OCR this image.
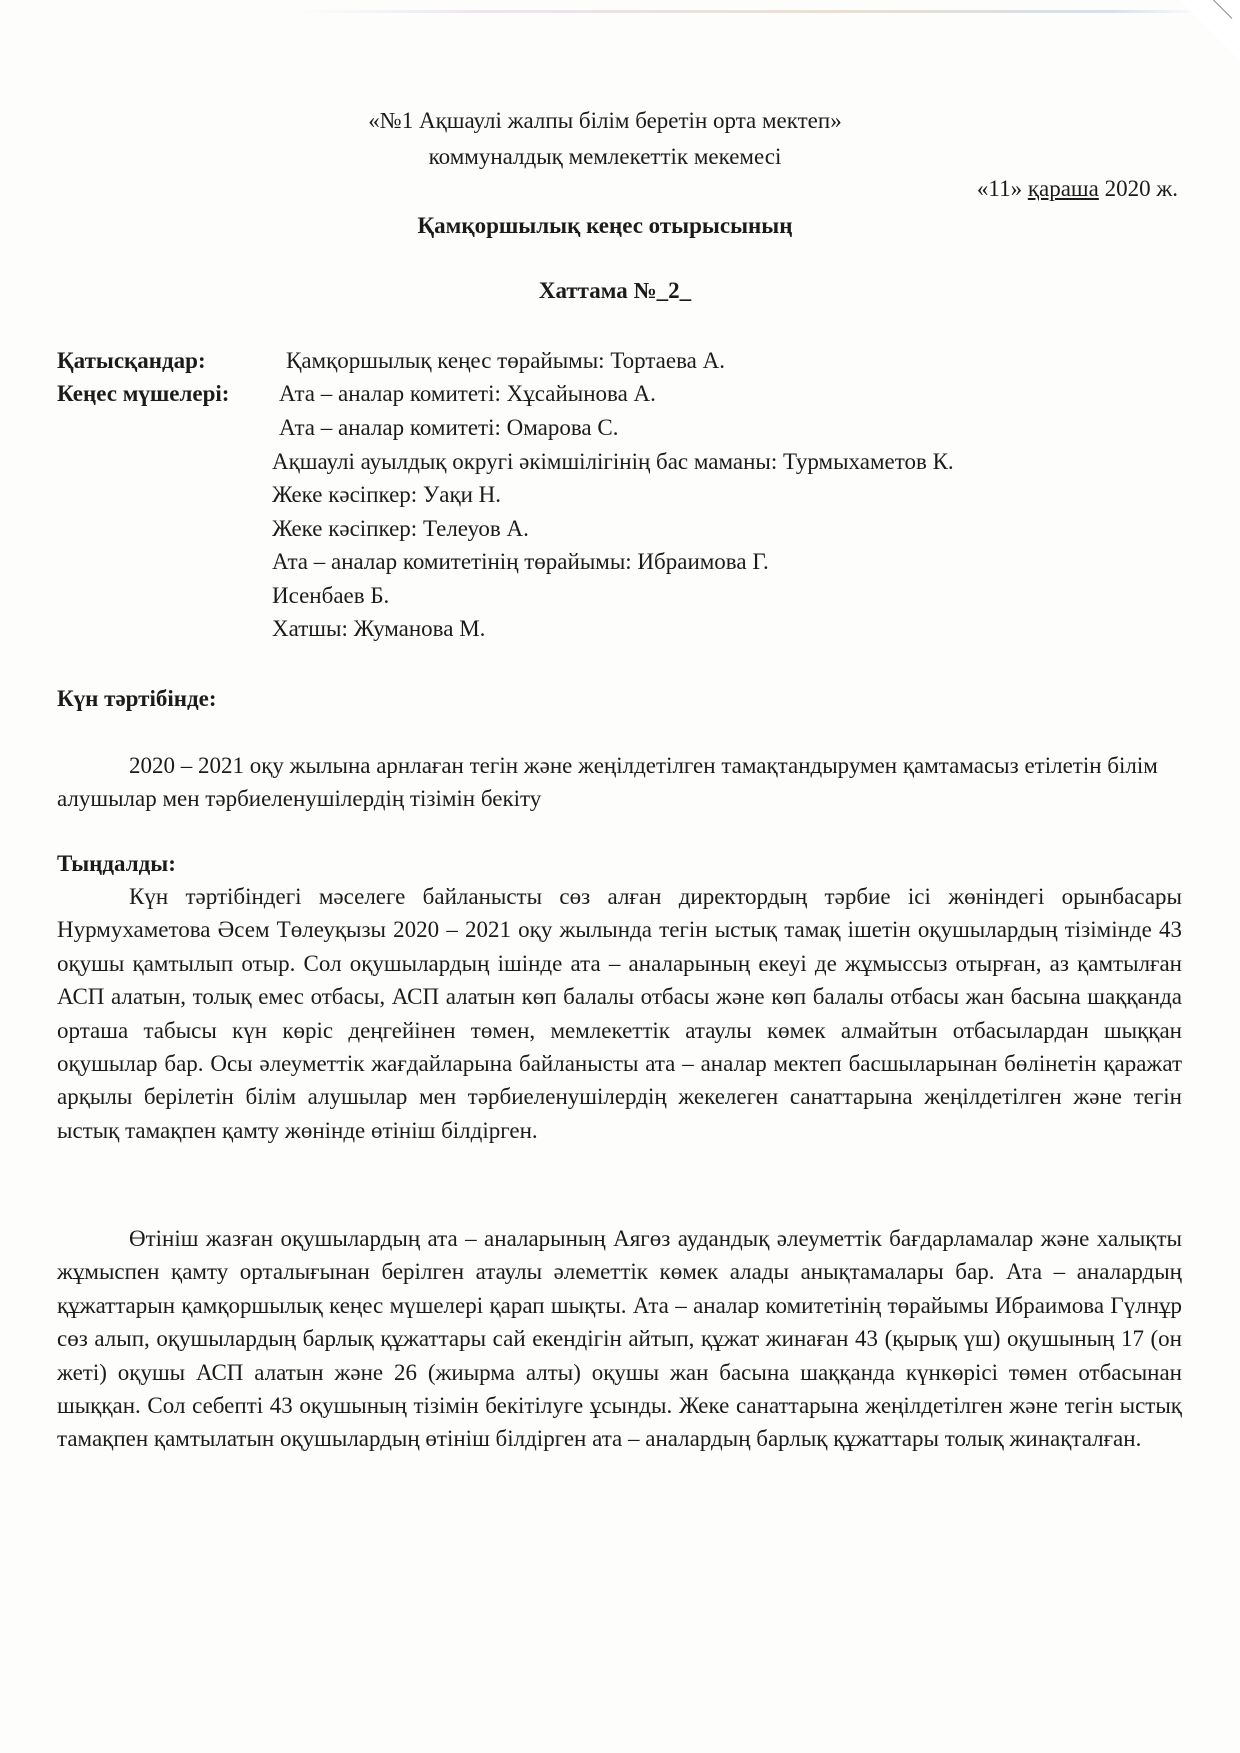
«№1 Ақшаулі жалпы білім беретін орта мектеп»
коммуналдық мемлекеттік мекемесі
«11» қараша 2020 ж.
Қамқоршылық кеңес отырысының
Хаттама №_2_
Қатысқандар:	Қамқоршылық кеңес төрайымы: Тортаева А.
Кеңес мүшелері: Ата – аналар комитеті: Хұсайынова А.
Ата – аналар комитеті: Омарова С.
Ақшаулі ауылдық округі әкімшілігінің бас маманы: Турмыхаметов К.
Жеке кәсіпкер: Уақи Н.
Жеке кәсіпкер: Телеуов А.
Ата – аналар комитетінің төрайымы: Ибраимова Г.
Исенбаев Б.
Хатшы: Жуманова М.
Күн тәртібінде:

2020 – 2021 оқу жылына арнлаған тегін және жеңілдетілген тамақтандырумен қамтамасыз етілетін білім алушылар мен тәрбиеленушілердің тізімін бекіту

Тыңдалды:

Күн тәртібіндегі мәселеге байланысты сөз алған директордың тәрбие ісі жөніндегі орынбасары Нурмухаметова Әсем Төлеуқызы 2020 – 2021 оқу жылында тегін ыстық тамақ ішетін оқушылардың тізімінде 43 оқушы қамтылып отыр. Сол оқушылардың ішінде ата – аналарының екеуі де жұмыссыз отырған, аз қамтылған АСП алатын, толық емес отбасы, АСП алатын көп балалы отбасы және көп балалы отбасы жан басына шаққанда орташа табысы күн көріс деңгейінен төмен, мемлекеттік атаулы көмек алмайтын отбасылардан шыққан оқушылар бар. Осы әлеуметтік жағдайларына байланысты ата – аналар мектеп басшыларынан бөлінетін қаражат арқылы берілетін білім алушылар мен тәрбиеленушілердің жекелеген санаттарына жеңілдетілген және тегін ыстық тамақпен қамту жөнінде өтініш білдірген.

Өтініш жазған оқушылардың ата – аналарының Аягөз аудандық әлеуметтік бағдарламалар және халықты жұмыспен қамту орталығынан берілген атаулы әлеметтік көмек алады анықтамалары бар. Ата – аналардың құжаттарын қамқоршылық кеңес мүшелері қарап шықты. Ата – аналар комитетінің төрайымы Ибраимова Гүлнұр сөз алып, оқушылардың барлық құжаттары сай екендігін айтып, құжат жинаған 43 (қырық үш) оқушының 17 (он жеті) оқушы АСП алатын және 26 (жиырма алты) оқушы жан басына шаққанда күнкөрісі төмен отбасынан шыққан. Сол себепті 43 оқушының тізімін бекітілуге ұсынды. Жеке санаттарына жеңілдетілген және тегін ыстық тамақпен қамтылатын оқушылардың өтініш білдірген ата – аналардың барлық құжаттары толық жинақталған.
